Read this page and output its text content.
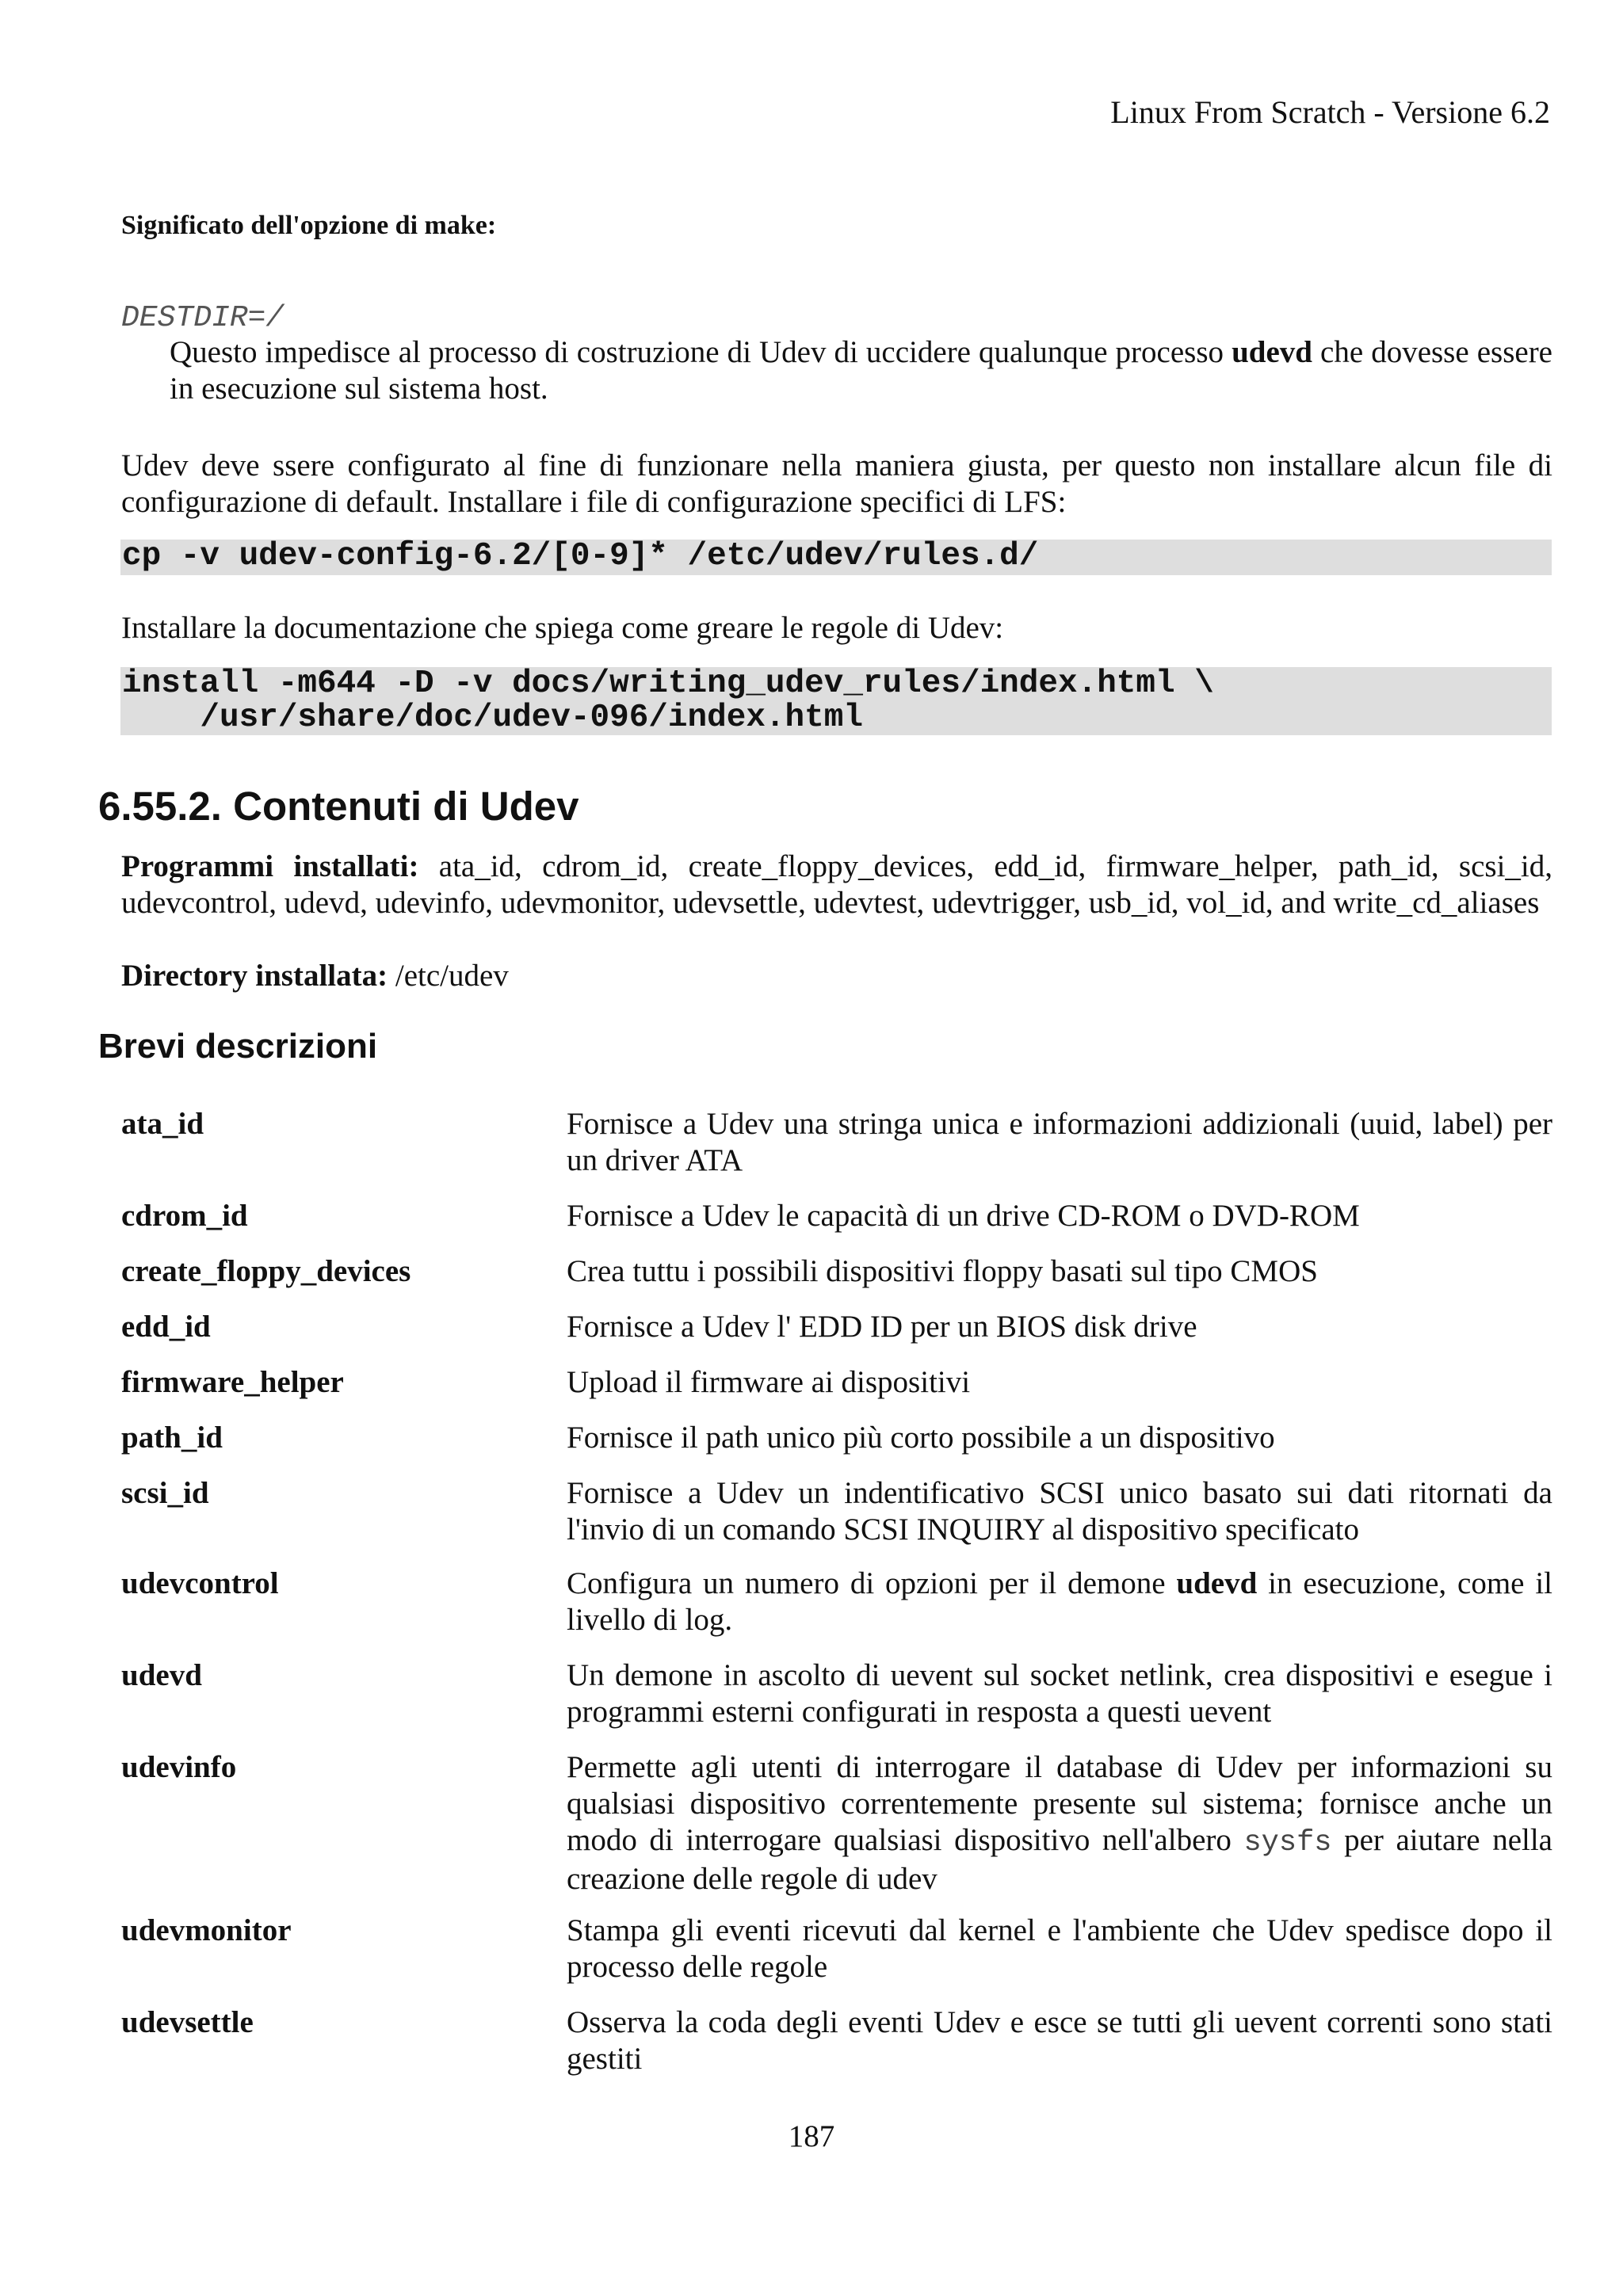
Linux From Scratch - Versione 6.2
Significato dell'opzione di make:
DESTDIR=/
Questo impedisce al processo di costruzione di Udev di uccidere qualunque processo udevd che dovesse essere in esecuzione sul sistema host.
Udev deve ssere configurato al fine di funzionare nella maniera giusta, per questo non installare alcun file di configurazione di default. Installare i file di configurazione specifici di LFS:
cp -v udev-config-6.2/[0-9]* /etc/udev/rules.d/
Installare la documentazione che spiega come greare le regole di Udev:
install -m644 -D -v docs/writing_udev_rules/index.html \
/usr/share/doc/udev-096/index.html
6.55.2. Contenuti di Udev
Programmi installati: ata_id, cdrom_id, create_floppy_devices, edd_id, firmware_helper, path_id, scsi_id, udevcontrol, udevd, udevinfo, udevmonitor, udevsettle, udevtest, udevtrigger, usb_id, vol_id, and write_cd_aliases
Directory installata: /etc/udev
Brevi descrizioni
ata_id	Fornisce a Udev una stringa unica e informazioni addizionali (uuid, label) per un driver ATA
cdrom_id	Fornisce a Udev le capacità di un drive CD-ROM o DVD-ROM
create_floppy_devices	Crea tuttu i possibili dispositivi floppy basati sul tipo CMOS
edd_id	Fornisce a Udev l' EDD ID per un BIOS disk drive
firmware_helper	Upload il firmware ai dispositivi
path_id	Fornisce il path unico più corto possibile a un dispositivo
scsi_id	Fornisce a Udev un indentificativo SCSI unico basato sui dati ritornati da l'invio di un comando SCSI INQUIRY al dispositivo specificato
udevcontrol	Configura un numero di opzioni per il demone udevd in esecuzione, come il livello di log.
udevd	Un demone in ascolto di uevent sul socket netlink, crea dispositivi e esegue i programmi esterni configurati in resposta a questi uevent
udevinfo	Permette agli utenti di interrogare il database di Udev per informazioni su qualsiasi dispositivo correntemente presente sul sistema; fornisce anche un modo di interrogare qualsiasi dispositivo nell'albero sysfs per aiutare nella creazione delle regole di udev
udevmonitor	Stampa gli eventi ricevuti dal kernel e l'ambiente che Udev spedisce dopo il processo delle regole
udevsettle	Osserva la coda degli eventi Udev e esce se tutti gli uevent correnti sono stati gestiti
187
